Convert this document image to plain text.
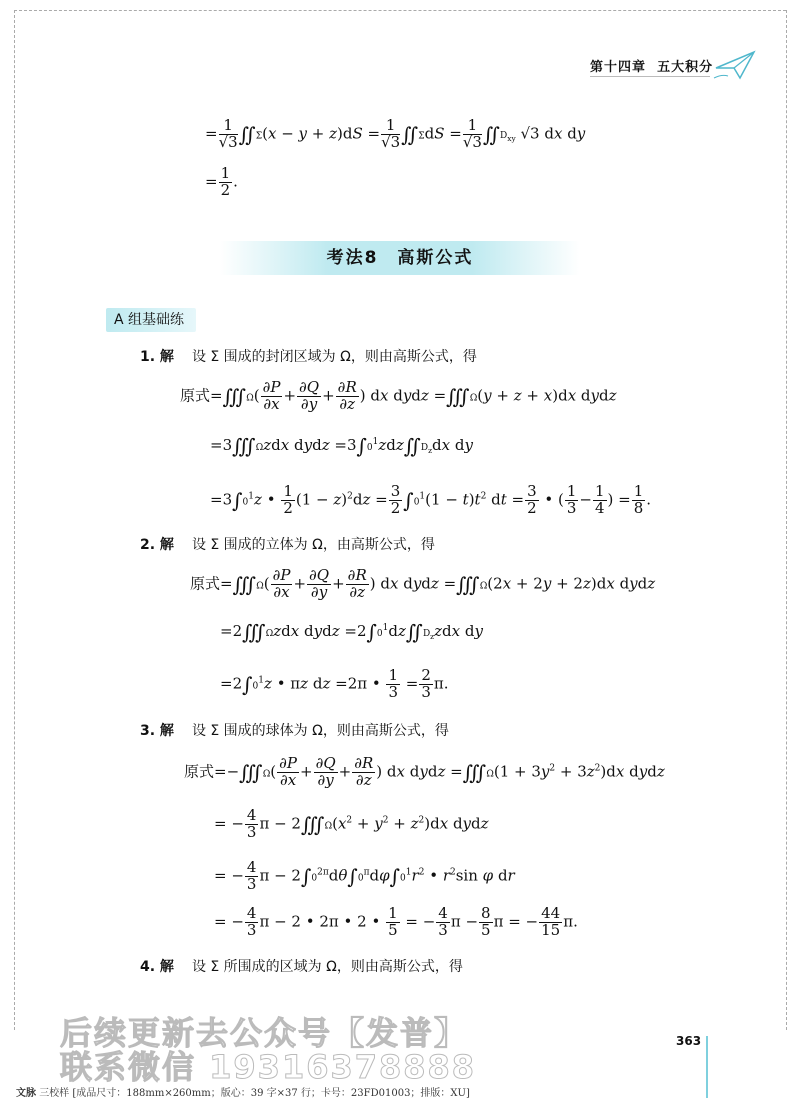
第十四章 五大积分
= $\frac{1}{√3}$ ∬Σ(x − $y + z)dS = \frac{1}{√3}$ ∬ΣdS = $\frac{1}{√3}$ $∬D_{xy}$ √3 dx dy
= $\frac{1}{2}$ .
考法8　高斯公式
A 组基础练
1. 解 设 Σ 围成的封闭区域为 Ω，则由高斯公式，得
原式=∭Ω( $\frac{\partial P}{\partial x} + \frac{\partial Q}{\partial y} + \frac{\partial R}{\partial z}$ ) dx dydz =∭Ω(y + z + x)dx dydz
=3∭Ωzdx dydz $=3\int 0^1zdz∬D_zdx$ dy
$=3\int 0^1z$ • $\frac{1}{2} (1 - z)^2dz = \frac{3}{2} \int 0^1(1 - t)t^2$ dt = $\frac{3}{2}$ • ( $\frac{1}{3} - \frac{1}{4}$ ) = $\frac{1}{8}$ .
2. 解 设 Σ 围成的立体为 Ω，由高斯公式，得
原式=∭Ω( $\frac{\partial P}{\partial x} + \frac{\partial Q}{\partial y} + \frac{\partial R}{\partial z}$ ) dx dydz =∭Ω(2x + 2y + 2z)dx dydz
=2∭Ωzdx dydz $=2\int 0^1dz∬D_zzdx$ dy
$=2\int 0^1z$ • πz dz =2π • $\frac{1}{3} = \frac{2}{3} \pi$.
3. 解 设 Σ 围成的球体为 Ω，则由高斯公式，得
原式=−∭Ω( $\frac{\partial P}{\partial x} + \frac{\partial Q}{\partial y} + \frac{\partial R}{\partial z}$ ) dx dydz =∭Ω(1 + $3y^2 + 3z^2)dx$ dydz
= − $\frac{4}{3}$ $\pi - 2∭\Omega(x^2 + y^2 + z^2)dx$ dydz
= − $\frac{4}{3}$ $\pi - 2\int 0^{2\pi}d\theta\int 0^\pi d\varphi\int 0^1r^2$ • $r^2\sin$ φ dr
= − $\frac{4}{3}$ π − 2 • 2π • 2 • $\frac{1}{5}$ = − $\frac{4}{3}$ $\pi - \frac{8}{5}$ π = − $\frac{44}{15} \pi$.
4. 解 设 Σ 所围成的区域为 Ω，则由高斯公式，得
后续更新去公众号【发普】
联系微信 19316378888
363
文脉 三校样 [成品尺寸：188mm×260mm；版心：39 字×37 行；卡号：23FD01003；排版：XU]
